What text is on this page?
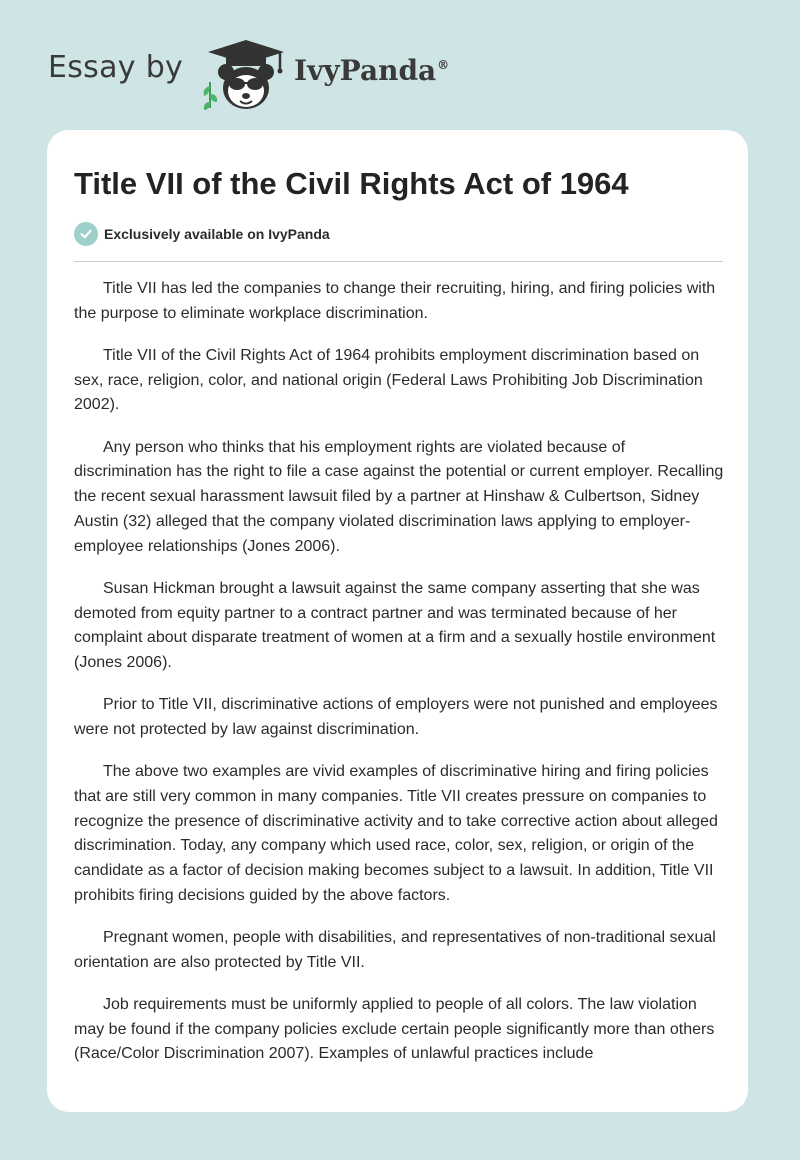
Essay by	IvyPanda®
Title VII of the Civil Rights Act of 1964
Exclusively available on IvyPanda

Title VII has led the companies to change their recruiting, hiring, and firing policies with the purpose to eliminate workplace discrimination.

Title VII of the Civil Rights Act of 1964 prohibits employment discrimination based on sex, race, religion, color, and national origin (Federal Laws Prohibiting Job Discrimination 2002).

Any person who thinks that his employment rights are violated because of discrimination has the right to file a case against the potential or current employer. Recalling the recent sexual harassment lawsuit filed by a partner at Hinshaw & Culbertson, Sidney Austin (32) alleged that the company violated discrimination laws applying to employer-employee relationships (Jones 2006).

Susan Hickman brought a lawsuit against the same company asserting that she was demoted from equity partner to a contract partner and was terminated because of her complaint about disparate treatment of women at a firm and a sexually hostile environment (Jones 2006).

Prior to Title VII, discriminative actions of employers were not punished and employees were not protected by law against discrimination.

The above two examples are vivid examples of discriminative hiring and firing policies that are still very common in many companies. Title VII creates pressure on companies to recognize the presence of discriminative activity and to take corrective action about alleged discrimination. Today, any company which used race, color, sex, religion, or origin of the candidate as a factor of decision making becomes subject to a lawsuit. In addition, Title VII prohibits firing decisions guided by the above factors.

Pregnant women, people with disabilities, and representatives of non-traditional sexual orientation are also protected by Title VII.

Job requirements must be uniformly applied to people of all colors. The law violation may be found if the company policies exclude certain people significantly more than others (Race/Color Discrimination 2007). Examples of unlawful practices include
